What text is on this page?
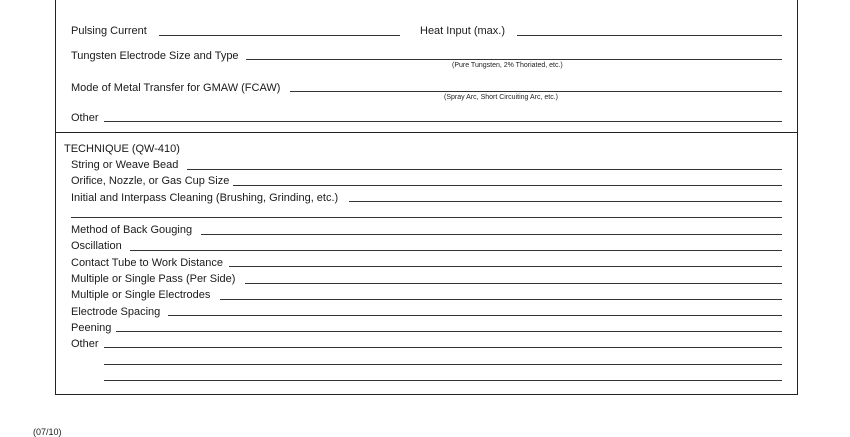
Pulsing Current	Heat Input (max.)
Tungsten Electrode Size and Type
(Pure Tungsten, 2% Thoriated, etc.)
Mode of Metal Transfer for GMAW (FCAW)
(Spray Arc, Short Circuiting Arc, etc.)
Other
TECHNIQUE (QW-410)
String or Weave Bead
Orifice, Nozzle, or Gas Cup Size
Initial and Interpass Cleaning (Brushing, Grinding, etc.)
Method of Back Gouging
Oscillation
Contact Tube to Work Distance
Multiple or Single Pass (Per Side)
Multiple or Single Electrodes
Electrode Spacing
Peening
Other
(07/10)
